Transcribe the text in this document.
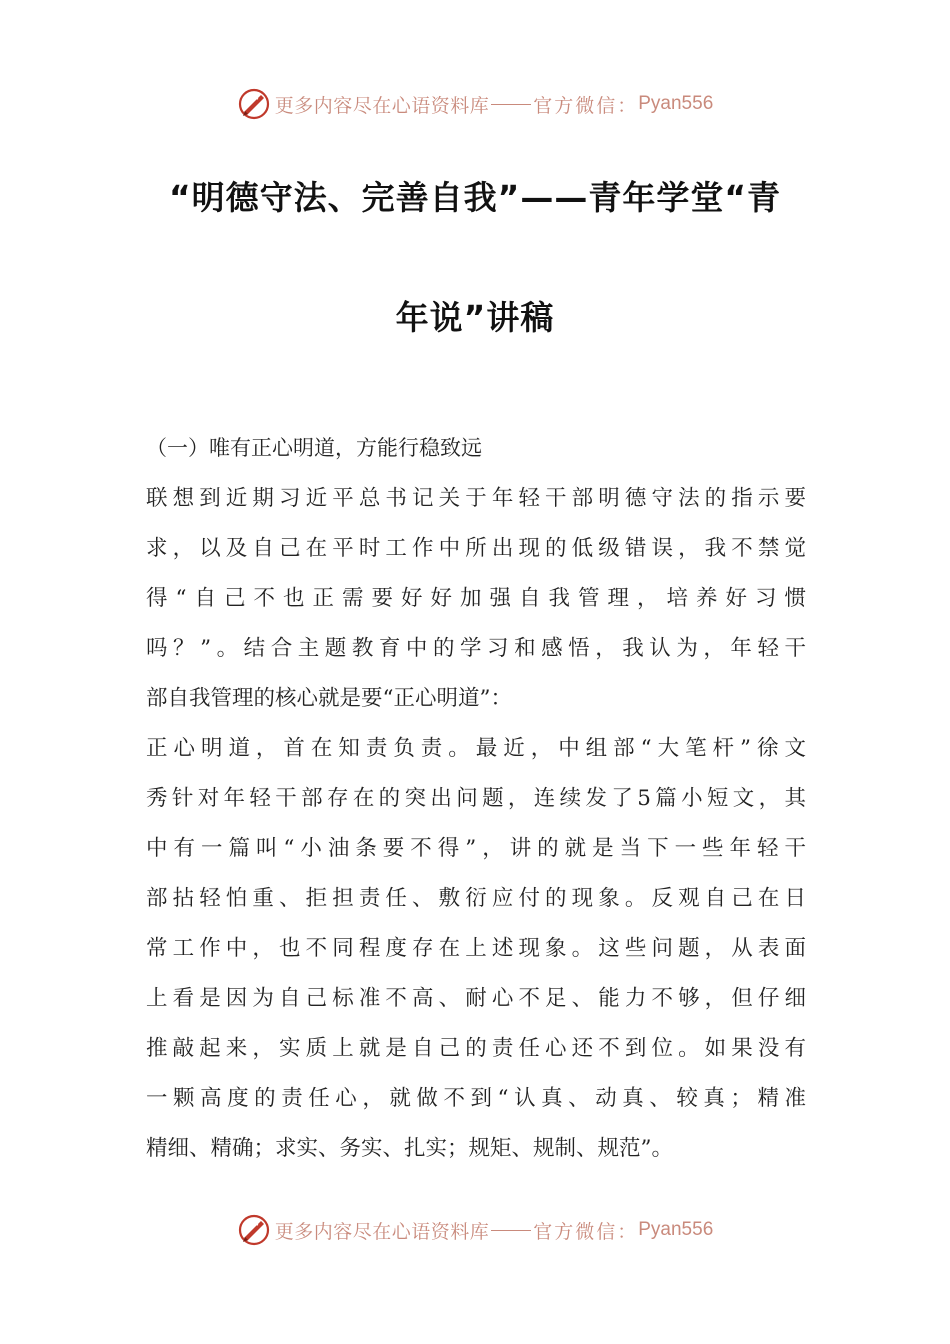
更多内容尽在心语资料库 官方微信： Pyan556
“明德守法、完善自我”——青年学堂“青
年说”讲稿
（一）唯有正心明道，方能行稳致远
联想到近期习近平总书记关于年轻干部明德守法的指示要
求，以及自己在平时工作中所出现的低级错误，我不禁觉
得“自己不也正需要好好加强自我管理，培养好习惯
吗？”。结合主题教育中的学习和感悟，我认为，年轻干
部自我管理的核心就是要“正心明道”：
正心明道，首在知责负责。最近，中组部“大笔杆”徐文
秀针对年轻干部存在的突出问题，连续发了5篇小短文，其
中有一篇叫“小油条要不得”，讲的就是当下一些年轻干
部拈轻怕重、拒担责任、敷衍应付的现象。反观自己在日
常工作中，也不同程度存在上述现象。这些问题，从表面
上看是因为自己标准不高、耐心不足、能力不够，但仔细
推敲起来，实质上就是自己的责任心还不到位。如果没有
一颗高度的责任心，就做不到“认真、动真、较真；精准
精细、精确；求实、务实、扎实；规矩、规制、规范”。
更多内容尽在心语资料库 官方微信： Pyan556
